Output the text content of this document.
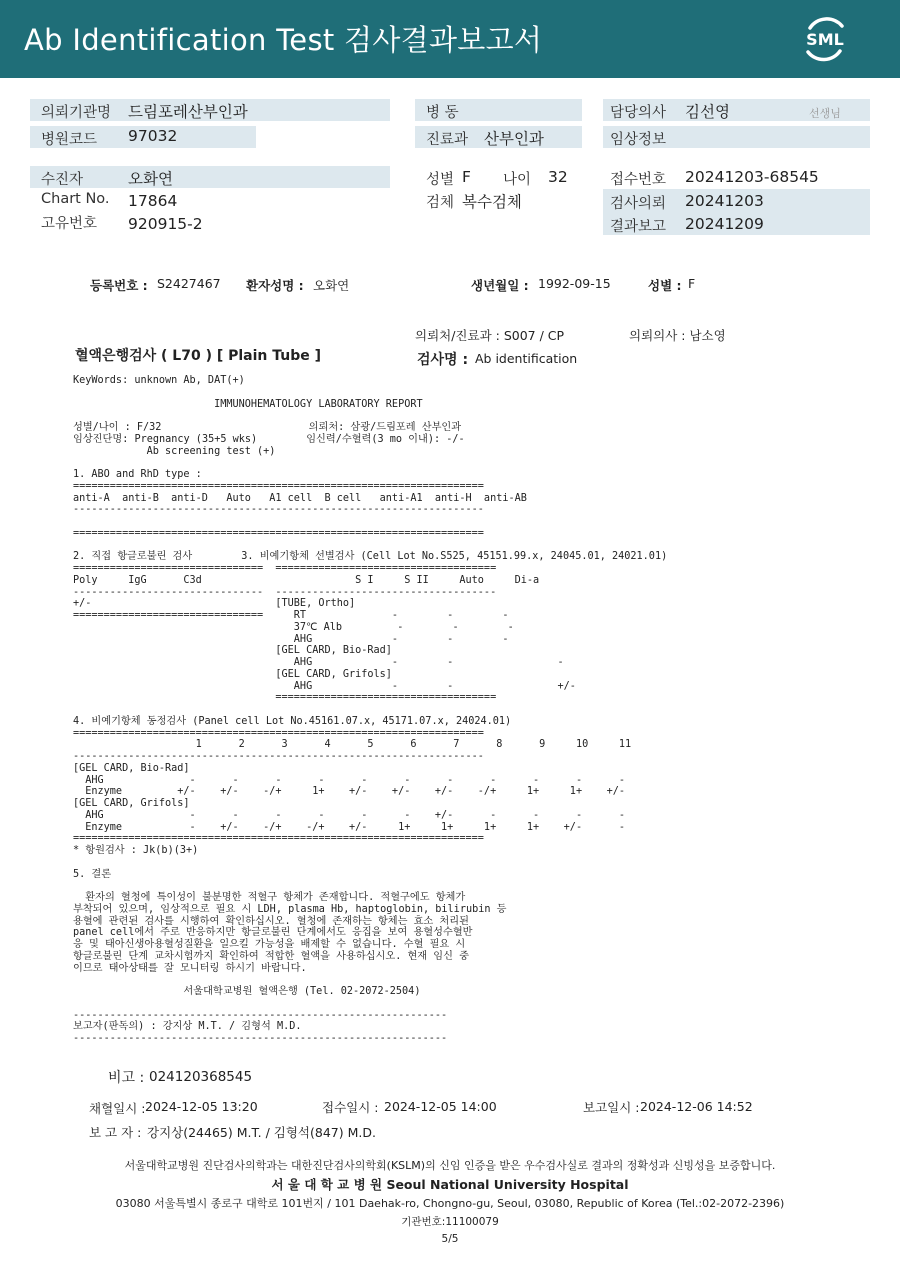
Ab Identification Test 검사결과보고서	SML
의뢰기관명 드림포레산부인과
병원코드 97032
수진자	오화연
Chart No. 17864
고유번호 920915-2
병 동
진료과 산부인과
성별 F 나이 32
검체 복수검체
담당의사 김선영	선생님
임상정보
접수번호 20241203-68545
검사의뢰 20241203
결과보고 20241209
등록번호 : S2427467 환자성명 : 오화연	생년월일 : 1992-09-15	성별 : F
의뢰처/진료과 : S007 / CP	의뢰의사 : 남소영
혈액은행검사 ( L70 ) [ Plain Tube ]	검사명 : Ab identification
KeyWords: unknown Ab, DAT(+)
IMMUNOHEMATOLOGY LABORATORY REPORT
성별/나이 : F/32                        의뢰처: 삼광/드림포레 산부인과
임상진단명: Pregnancy (35+5 wks)        임신력/수혈력(3 mo 이내): -/-
Ab screening test (+)
1. ABO and RhD type :
===================================================================
anti-A  anti-B  anti-D   Auto   A1 cell  B cell   anti-A1  anti-H  anti-AB
-------------------------------------------------------------------
===================================================================
2. 직접 항글로불린 검사        3. 비예기항체 선별검사 (Cell Lot No.S525, 45151.99.x, 24045.01, 24021.01)
===============================  ====================================
Poly     IgG      C3d                         S I     S II     Auto     Di-a
-------------------------------  ------------------------------------
+/-                              [TUBE, Ortho]
===============================     RT              -        -        -
37℃ Alb         -        -        -
AHG             -        -        -
[GEL CARD, Bio-Rad]
AHG             -        -                 -
[GEL CARD, Grifols]
AHG             -        -                 +/-
====================================
4. 비예기항체 동정검사 (Panel cell Lot No.45161.07.x, 45171.07.x, 24024.01)
===================================================================
1      2      3      4      5      6      7      8      9     10     11
-------------------------------------------------------------------
[GEL CARD, Bio-Rad]
AHG              -      -      -      -      -      -      -      -      -      -      -
Enzyme         +/-    +/-    -/+     1+    +/-    +/-    +/-    -/+     1+     1+    +/-
[GEL CARD, Grifols]
AHG              -      -      -      -      -      -    +/-      -      -      -      -
Enzyme           -    +/-    -/+    -/+    +/-     1+     1+     1+     1+    +/-      -
===================================================================
* 항원검사 : Jk(b)(3+)
5. 결론
환자의 혈청에 특이성이 불분명한 적혈구 항체가 존재합니다. 적혈구에도 항체가
부착되어 있으며, 임상적으로 필요 시 LDH, plasma Hb, haptoglobin, bilirubin 등
용혈에 관련된 검사를 시행하여 확인하십시오. 혈청에 존재하는 항체는 효소 처리된
panel cell에서 주로 반응하지만 항글로불린 단계에서도 응집을 보여 용혈성수혈반
응 및 태아신생아용혈성질환을 일으킬 가능성을 배제할 수 없습니다. 수혈 필요 시
항글로불린 단계 교차시험까지 확인하여 적합한 혈액을 사용하십시오. 현재 임신 중
이므로 태아상태를 잘 모니터링 하시기 바랍니다.
서울대학교병원 혈액은행 (Tel. 02-2072-2504)
-------------------------------------------------------------
보고자(판독의) : 강지상 M.T. / 김형석 M.D.
-------------------------------------------------------------
비고 : 024120368545
채혈일시 : 2024-12-05 13:20	접수일시 : 2024-12-05 14:00	보고일시 : 2024-12-06 14:52
보 고 자 : 강지상(24465) M.T. / 김형석(847) M.D.
서울대학교병원 진단검사의학과는 대한진단검사의학회(KSLM)의 신임 인증을 받은 우수검사실로 결과의 정확성과 신빙성을 보증합니다.
서 울 대 학 교 병 원 Seoul National University Hospital
03080 서울특별시 종로구 대학로 101번지 / 101 Daehak-ro, Chongno-gu, Seoul, 03080, Republic of Korea (Tel.:02-2072-2396)
기관번호:11100079
5/5
